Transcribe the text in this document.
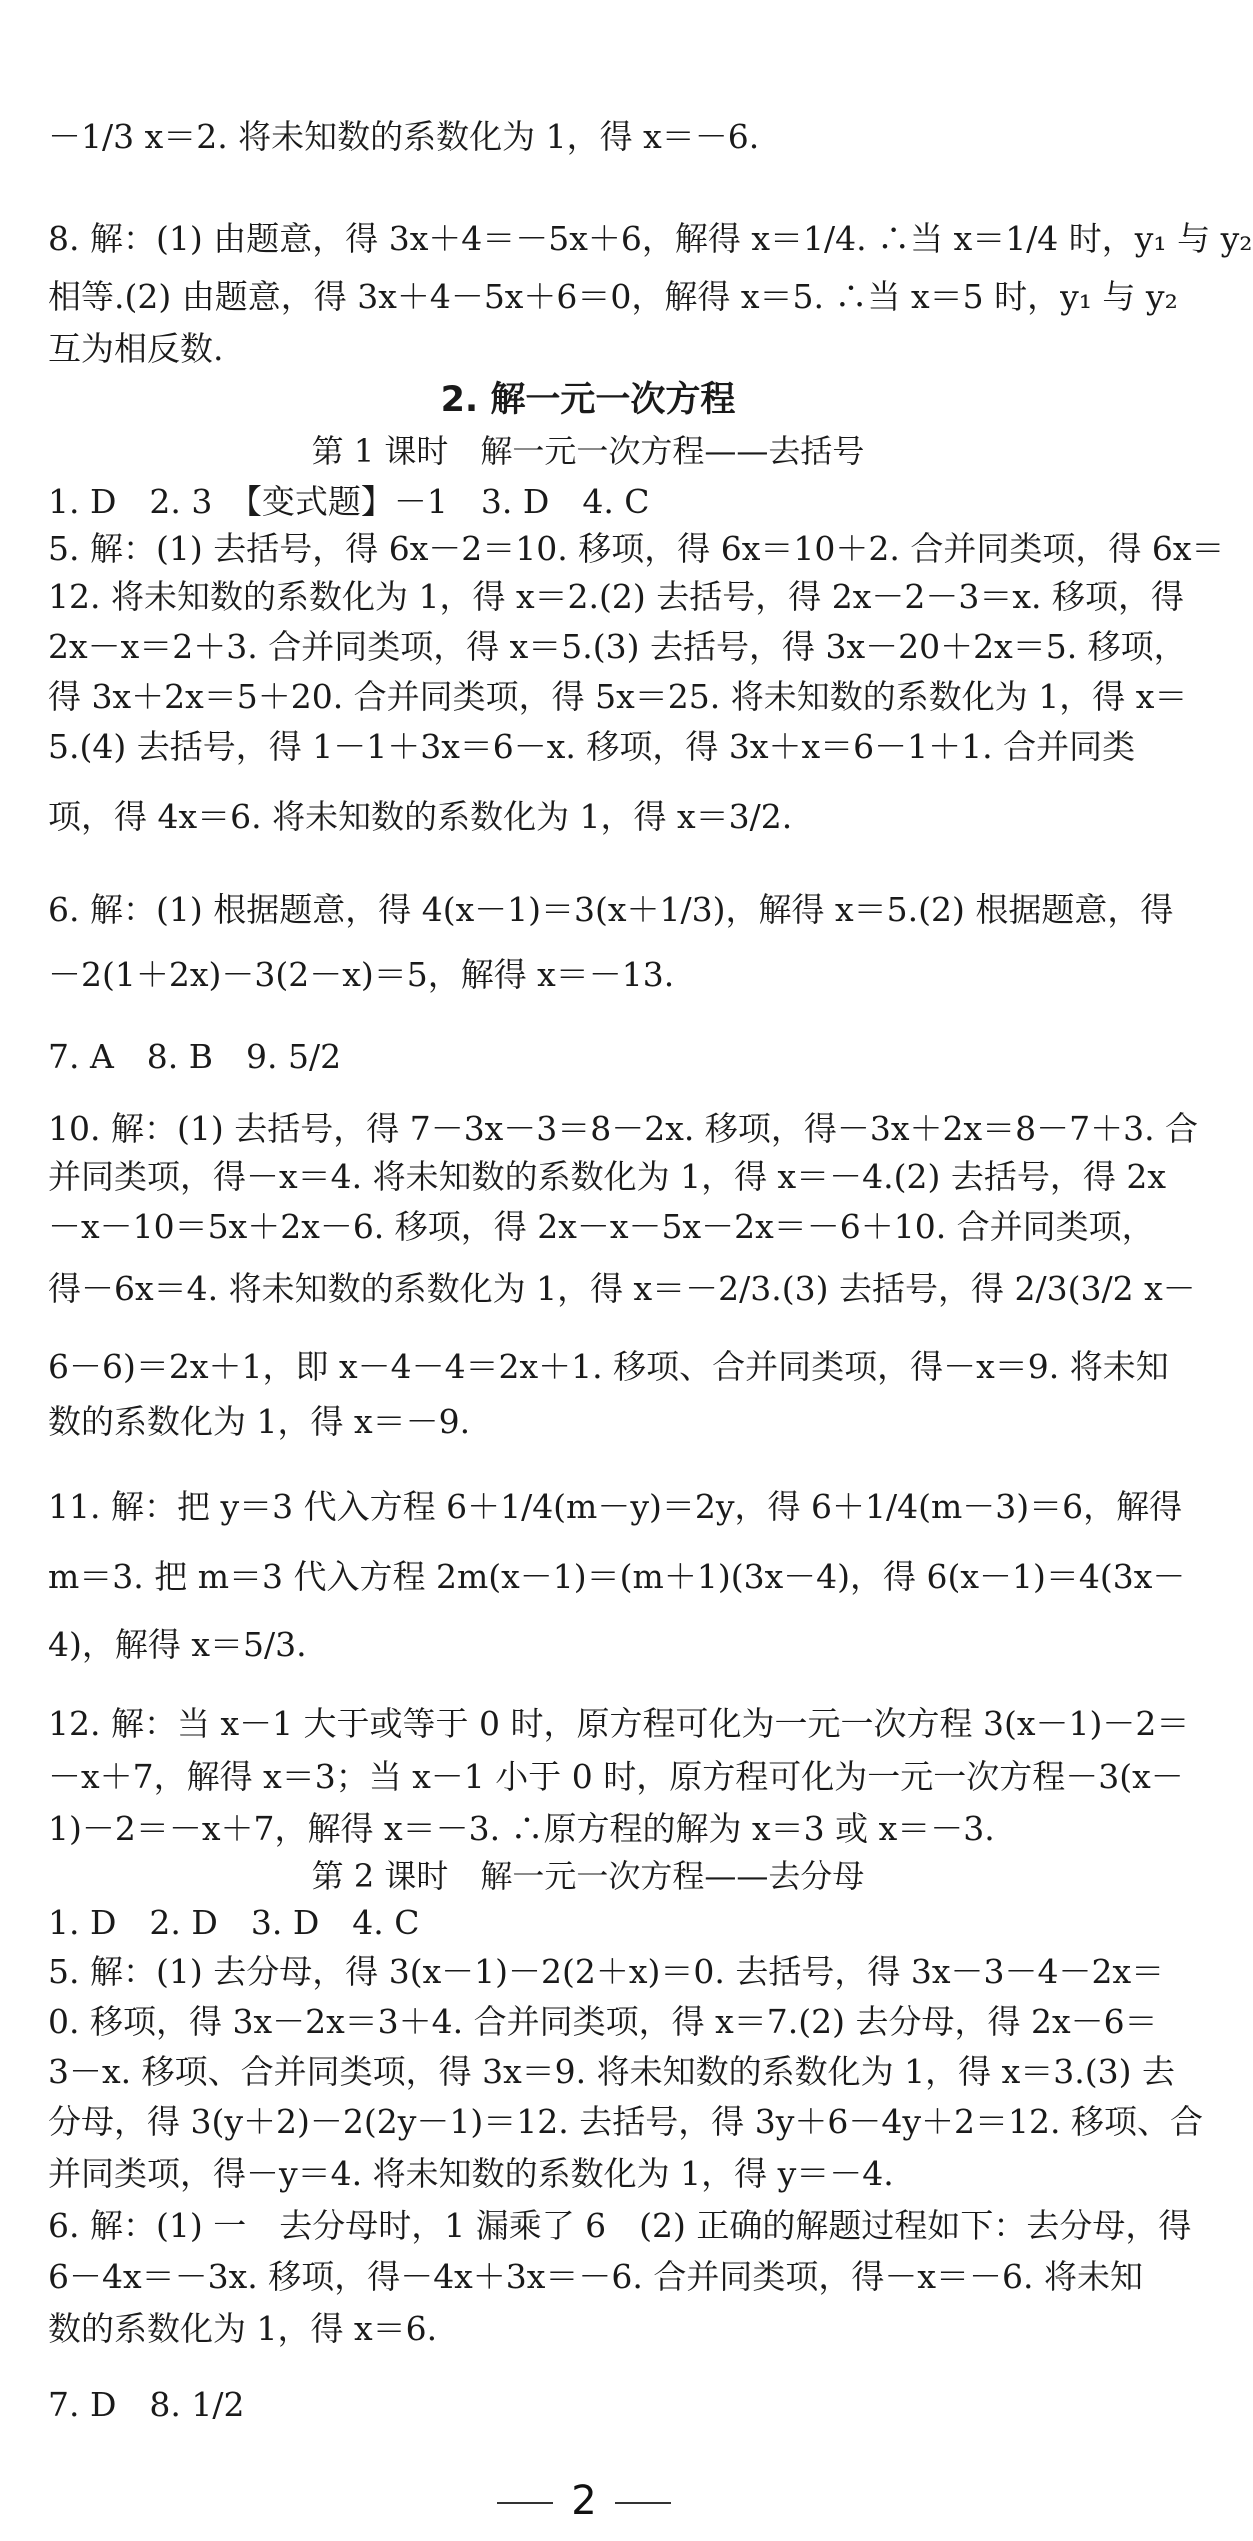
－1/3 x＝2. 将未知数的系数化为 1，得 x＝－6.
8. 解：(1) 由题意，得 3x＋4＝－5x＋6，解得 x＝1/4. ∴当 x＝1/4 时，y₁ 与 y₂
相等.(2) 由题意，得 3x＋4－5x＋6＝0，解得 x＝5. ∴当 x＝5 时，y₁ 与 y₂
互为相反数.
2. 解一元一次方程
第 1 课时　解一元一次方程——去括号
1. D　2. 3　【变式题】－1　3. D　4. C
5. 解：(1) 去括号，得 6x－2＝10. 移项，得 6x＝10＋2. 合并同类项，得 6x＝
12. 将未知数的系数化为 1，得 x＝2.(2) 去括号，得 2x－2－3＝x. 移项，得
2x－x＝2＋3. 合并同类项，得 x＝5.(3) 去括号，得 3x－20＋2x＝5. 移项，
得 3x＋2x＝5＋20. 合并同类项，得 5x＝25. 将未知数的系数化为 1，得 x＝
5.(4) 去括号，得 1－1＋3x＝6－x. 移项，得 3x＋x＝6－1＋1. 合并同类
项，得 4x＝6. 将未知数的系数化为 1，得 x＝3/2.
6. 解：(1) 根据题意，得 4(x－1)＝3(x＋1/3)，解得 x＝5.(2) 根据题意，得
－2(1＋2x)－3(2－x)＝5，解得 x＝－13.
7. A　8. B　9. 5/2
10. 解：(1) 去括号，得 7－3x－3＝8－2x. 移项，得－3x＋2x＝8－7＋3. 合
并同类项，得－x＝4. 将未知数的系数化为 1，得 x＝－4.(2) 去括号，得 2x
－x－10＝5x＋2x－6. 移项，得 2x－x－5x－2x＝－6＋10. 合并同类项，
得－6x＝4. 将未知数的系数化为 1，得 x＝－2/3.(3) 去括号，得 2/3(3/2 x－
6－6)＝2x＋1，即 x－4－4＝2x＋1. 移项、合并同类项，得－x＝9. 将未知
数的系数化为 1，得 x＝－9.
11. 解：把 y＝3 代入方程 6＋1/4(m－y)＝2y，得 6＋1/4(m－3)＝6，解得
m＝3. 把 m＝3 代入方程 2m(x－1)＝(m＋1)(3x－4)，得 6(x－1)＝4(3x－
4)，解得 x＝5/3.
12. 解：当 x－1 大于或等于 0 时，原方程可化为一元一次方程 3(x－1)－2＝
－x＋7，解得 x＝3；当 x－1 小于 0 时，原方程可化为一元一次方程－3(x－
1)－2＝－x＋7，解得 x＝－3. ∴原方程的解为 x＝3 或 x＝－3.
第 2 课时　解一元一次方程——去分母
1. D　2. D　3. D　4. C
5. 解：(1) 去分母，得 3(x－1)－2(2＋x)＝0. 去括号，得 3x－3－4－2x＝
0. 移项，得 3x－2x＝3＋4. 合并同类项，得 x＝7.(2) 去分母，得 2x－6＝
3－x. 移项、合并同类项，得 3x＝9. 将未知数的系数化为 1，得 x＝3.(3) 去
分母，得 3(y＋2)－2(2y－1)＝12. 去括号，得 3y＋6－4y＋2＝12. 移项、合
并同类项，得－y＝4. 将未知数的系数化为 1，得 y＝－4.
6. 解：(1) 一　去分母时，1 漏乘了 6　(2) 正确的解题过程如下：去分母，得
6－4x＝－3x. 移项，得－4x＋3x＝－6. 合并同类项，得－x＝－6. 将未知
数的系数化为 1，得 x＝6.
7. D　8. 1/2
2
